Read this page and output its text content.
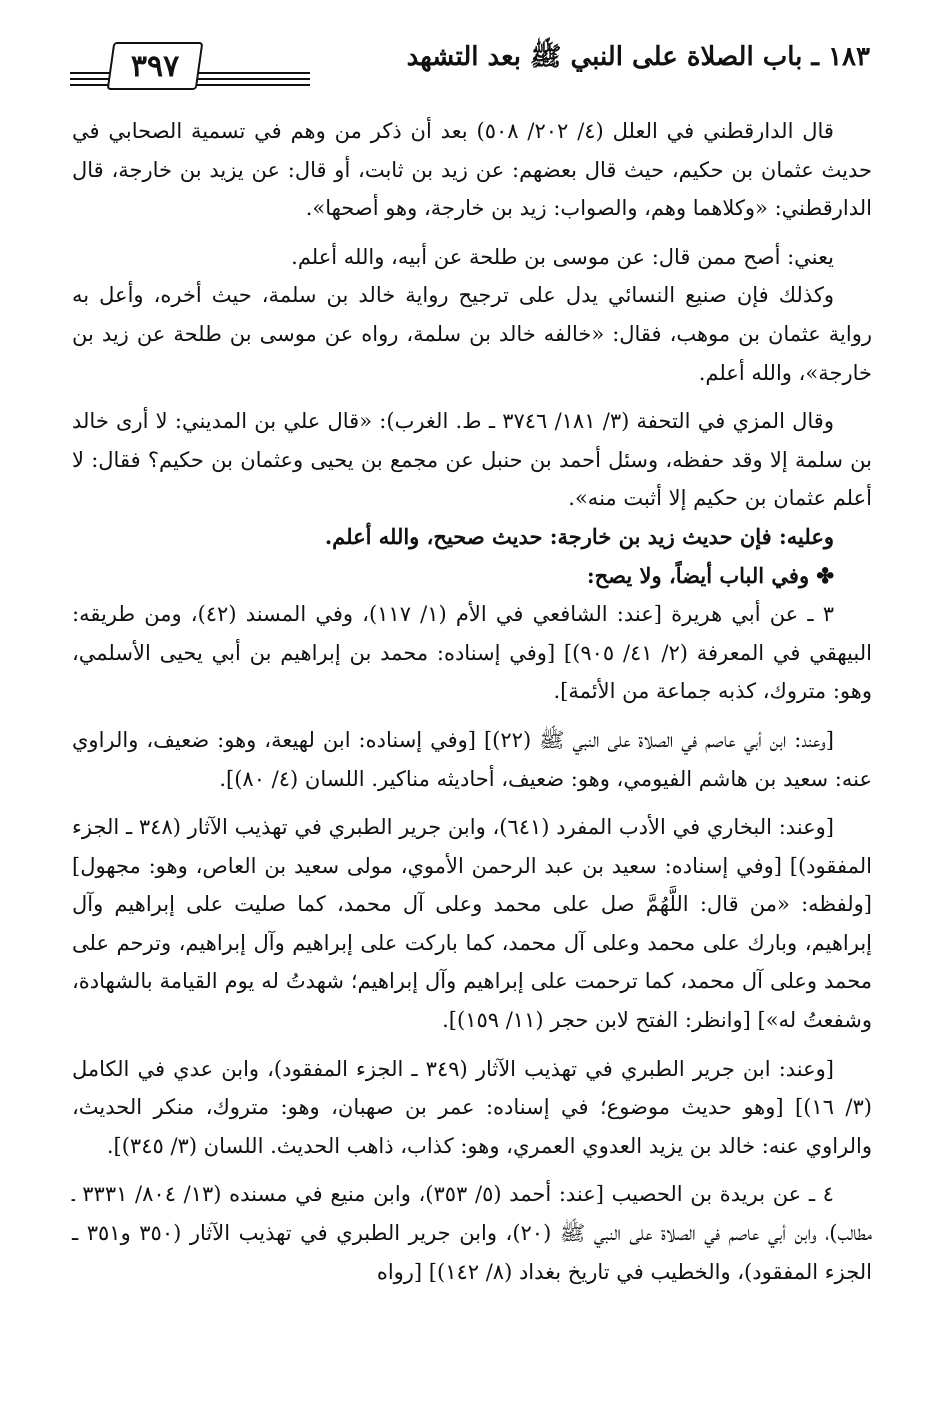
١٨٣ ـ باب الصلاة على النبي ﷺ بعد التشهد
٣٩٧

قال الدارقطني في العلل (٤/ ٢٠٢/ ٥٠٨) بعد أن ذكر من وهم في تسمية الصحابي في حديث عثمان بن حكيم، حيث قال بعضهم: عن زيد بن ثابت، أو قال: عن يزيد بن خارجة، قال الدارقطني: «وكلاهما وهم، والصواب: زيد بن خارجة، وهو أصحها».

يعني: أصح ممن قال: عن موسى بن طلحة عن أبيه، والله أعلم.

وكذلك فإن صنيع النسائي يدل على ترجيح رواية خالد بن سلمة، حيث أخره، وأعل به رواية عثمان بن موهب، فقال: «خالفه خالد بن سلمة، رواه عن موسى بن طلحة عن زيد بن خارجة»، والله أعلم.

وقال المزي في التحفة (٣/ ١٨١/ ٣٧٤٦ ـ ط. الغرب): «قال علي بن المديني: لا أرى خالد بن سلمة إلا وقد حفظه، وسئل أحمد بن حنبل عن مجمع بن يحيى وعثمان بن حكيم؟ فقال: لا أعلم عثمان بن حكيم إلا أثبت منه».

وعليه: فإن حديث زيد بن خارجة: حديث صحيح، والله أعلم.

✤ وفي الباب أيضاً، ولا يصح:

٣ ـ عن أبي هريرة [عند: الشافعي في الأم (١/ ١١٧)، وفي المسند (٤٢)، ومن طريقه: البيهقي في المعرفة (٢/ ٤١/ ٩٠٥)] [وفي إسناده: محمد بن إبراهيم بن أبي يحيى الأسلمي، وهو: متروك، كذبه جماعة من الأئمة].

[وعند: ابن أبي عاصم في الصلاة على النبي ﷺ (٢٢)] [وفي إسناده: ابن لهيعة، وهو: ضعيف، والراوي عنه: سعيد بن هاشم الفيومي، وهو: ضعيف، أحاديثه مناكير. اللسان (٤/ ٨٠)].

[وعند: البخاري في الأدب المفرد (٦٤١)، وابن جرير الطبري في تهذيب الآثار (٣٤٨ ـ الجزء المفقود)] [وفي إسناده: سعيد بن عبد الرحمن الأموي، مولى سعيد بن العاص، وهو: مجهول] [ولفظه: «من قال: اللَّهُمَّ صل على محمد وعلى آل محمد، كما صليت على إبراهيم وآل إبراهيم، وبارك على محمد وعلى آل محمد، كما باركت على إبراهيم وآل إبراهيم، وترحم على محمد وعلى آل محمد، كما ترحمت على إبراهيم وآل إبراهيم؛ شهدتُ له يوم القيامة بالشهادة، وشفعتُ له»] [وانظر: الفتح لابن حجر (١١/ ١٥٩)].

[وعند: ابن جرير الطبري في تهذيب الآثار (٣٤٩ ـ الجزء المفقود)، وابن عدي في الكامل (٣/ ١٦)] [وهو حديث موضوع؛ في إسناده: عمر بن صهبان، وهو: متروك، منكر الحديث، والراوي عنه: خالد بن يزيد العدوي العمري، وهو: كذاب، ذاهب الحديث. اللسان (٣/ ٣٤٥)].

٤ ـ عن بريدة بن الحصيب [عند: أحمد (٥/ ٣٥٣)، وابن منيع في مسنده (١٣/ ٨٠٤/ ٣٣٣١ ـ مطالب)، وابن أبي عاصم في الصلاة على النبي ﷺ (٢٠)، وابن جرير الطبري في تهذيب الآثار (٣٥٠ و٣٥١ ـ الجزء المفقود)، والخطيب في تاريخ بغداد (٨/ ١٤٢)] [رواه
